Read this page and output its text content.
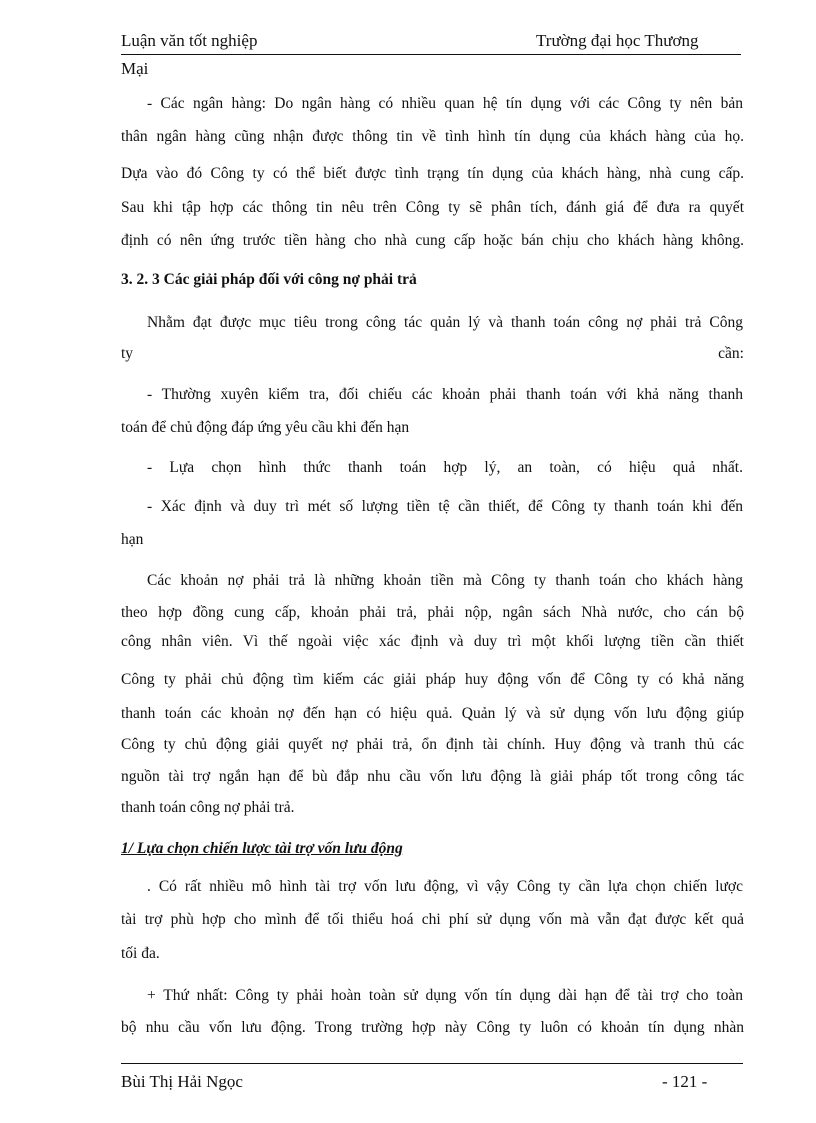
Luận văn tốt nghiệp	Trường đại học Thương
Mại
- Các ngân hàng: Do ngân hàng có nhiều quan hệ tín dụng với các Công ty nên bản
thân ngân hàng cũng nhận được thông tin về tình hình tín dụng của khách hàng của họ.
Dựa vào đó Công ty có thể biết được tình trạng tín dụng của khách hàng, nhà cung cấp.
Sau khi tập hợp các thông tin nêu trên Công ty sẽ phân tích, đánh giá để đưa ra quyết
định có nên ứng trước tiền hàng cho nhà cung cấp hoặc bán chịu cho khách hàng không.
3. 2. 3 Các giải pháp đối với công nợ phải trả
Nhằm đạt được mục tiêu trong công tác quản lý và thanh toán công nợ phải trả Công
ty	cần:
- Thường xuyên kiểm tra, đối chiếu các khoản phải thanh toán với khả năng thanh
toán để chủ động đáp ứng yêu cầu khi đến hạn
- Lựa chọn hình thức thanh toán hợp lý, an toàn, có hiệu quả nhất.
- Xác định và duy trì mét số lượng tiền tệ cần thiết, để Công ty thanh toán khi đến
hạn
Các khoản nợ phải trả là những khoản tiền mà Công ty thanh toán cho khách hàng
theo hợp đồng cung cấp, khoản phải trả, phải nộp, ngân sách Nhà nước, cho cán bộ
công nhân viên. Vì thế ngoài việc xác định và duy trì một khối lượng tiền cần thiết
Công ty phải chủ động tìm kiếm các giải pháp huy động vốn để Công ty có khả năng
thanh toán các khoản nợ đến hạn có hiệu quả. Quản lý và sử dụng vốn lưu động giúp
Công ty chủ động giải quyết nợ phải trả, ổn định tài chính. Huy động và tranh thủ các
nguồn tài trợ ngắn hạn để bù đắp nhu cầu vốn lưu động là giải pháp tốt trong công tác
thanh toán công nợ phải trả.
1/ Lựa chọn chiến lược tài trợ vốn lưu động
. Có rất nhiều mô hình tài trợ vốn lưu động, vì vậy Công ty cần lựa chọn chiến lược
tài trợ phù hợp cho mình để tối thiểu hoá chi phí sử dụng vốn mà vẫn đạt được kết quả
tối đa.
+ Thứ nhất: Công ty phải hoàn toàn sử dụng vốn tín dụng dài hạn để tài trợ cho toàn
bộ nhu cầu vốn lưu động. Trong trường hợp này Công ty luôn có khoản tín dụng nhàn
Bùi Thị Hải Ngọc	- 121 -
